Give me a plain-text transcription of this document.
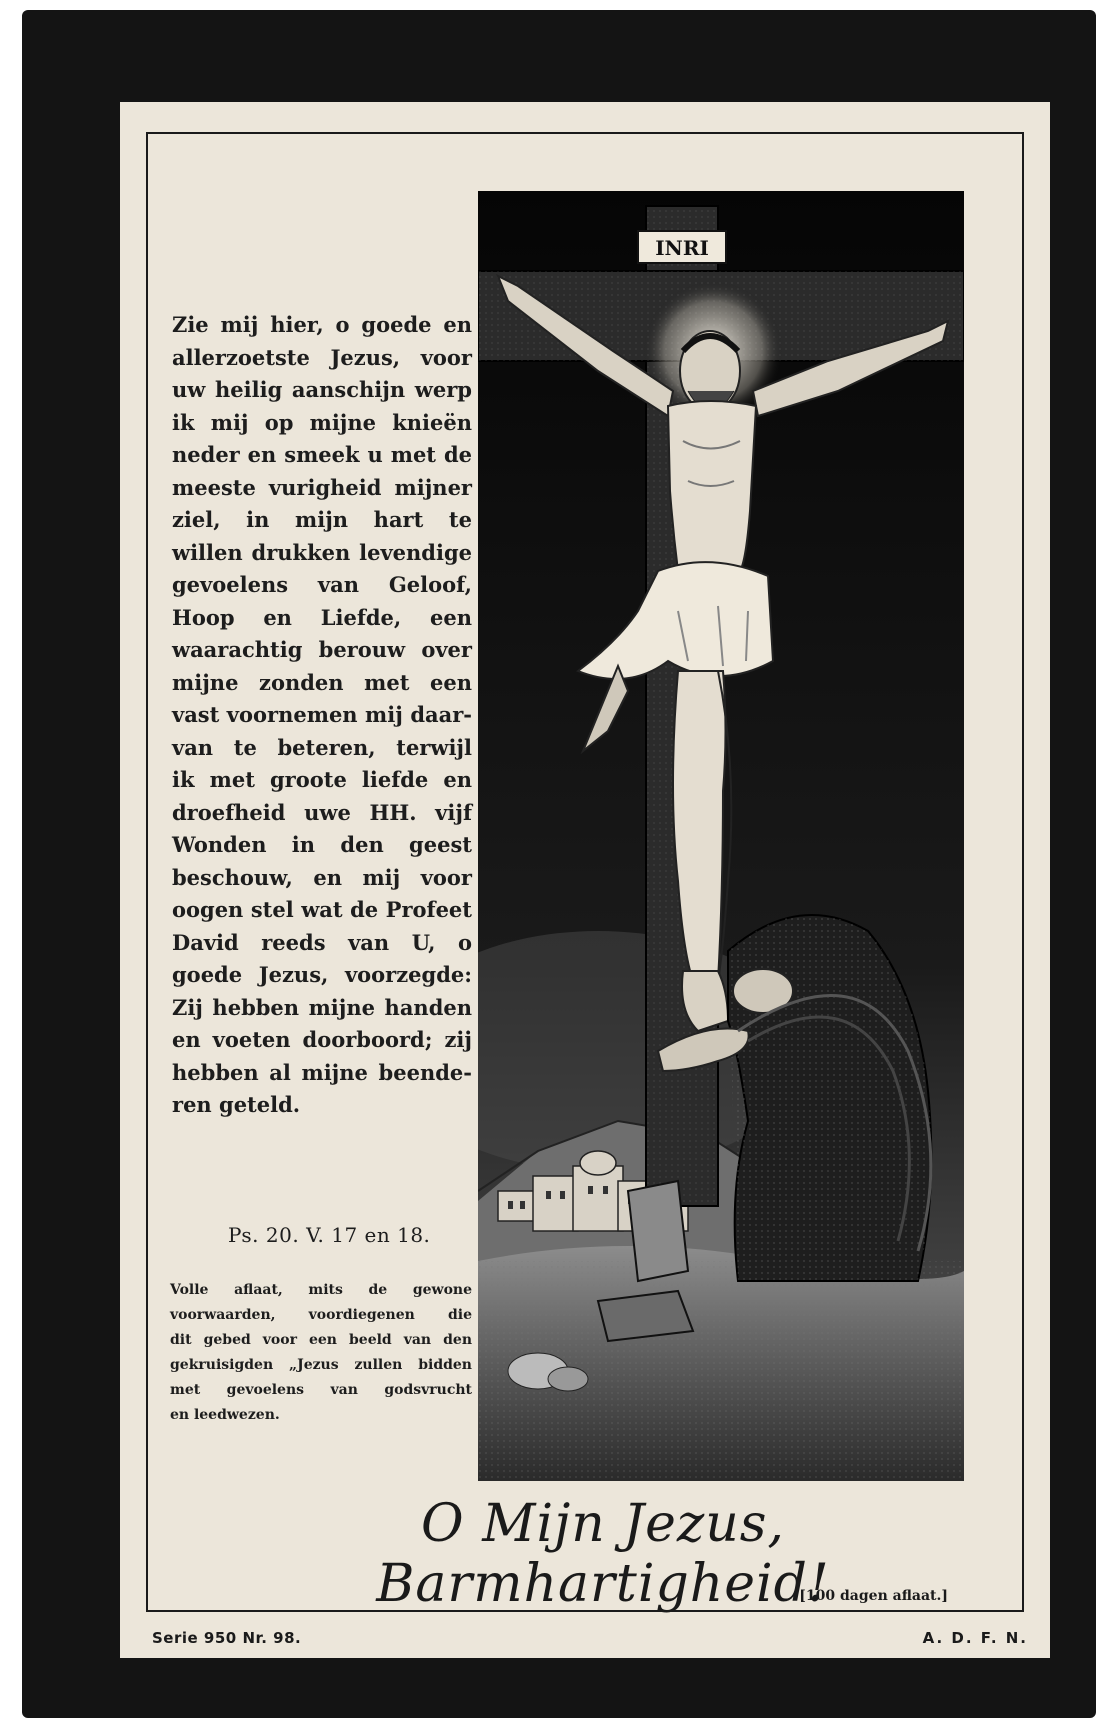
Zie mij hier, o goede en
allerzoetste Jezus, voor
uw heilig aanschijn werp
ik mij op mijne knieën
neder en smeek u met de
meeste vurigheid mijner
ziel, in mijn hart te
willen drukken levendige
gevoelens van Geloof,
Hoop en Liefde, een
waarachtig berouw over
mijne zonden met een
vast voornemen mij daar-
van te beteren, terwijl
ik met groote liefde en
droefheid uwe HH. vijf
Wonden in den geest
beschouw, en mij voor
oogen stel wat de Profeet
David reeds van U, o
goede Jezus, voorzegde:
Zij hebben mijne handen
en voeten doorboord; zij
hebben al mijne beende-
ren geteld.
Ps. 20. V. 17 en 18.
Volle aflaat, mits de gewone
voorwaarden, voordiegenen die
dit gebed voor een beeld van den
gekruisigden „Jezus zullen bidden
met gevoelens van godsvrucht
en leedwezen.
INRI
O Mijn Jezus, Barmhartigheid!
[100 dagen aflaat.]
Serie 950 Nr. 98.	A. D. F. N.
